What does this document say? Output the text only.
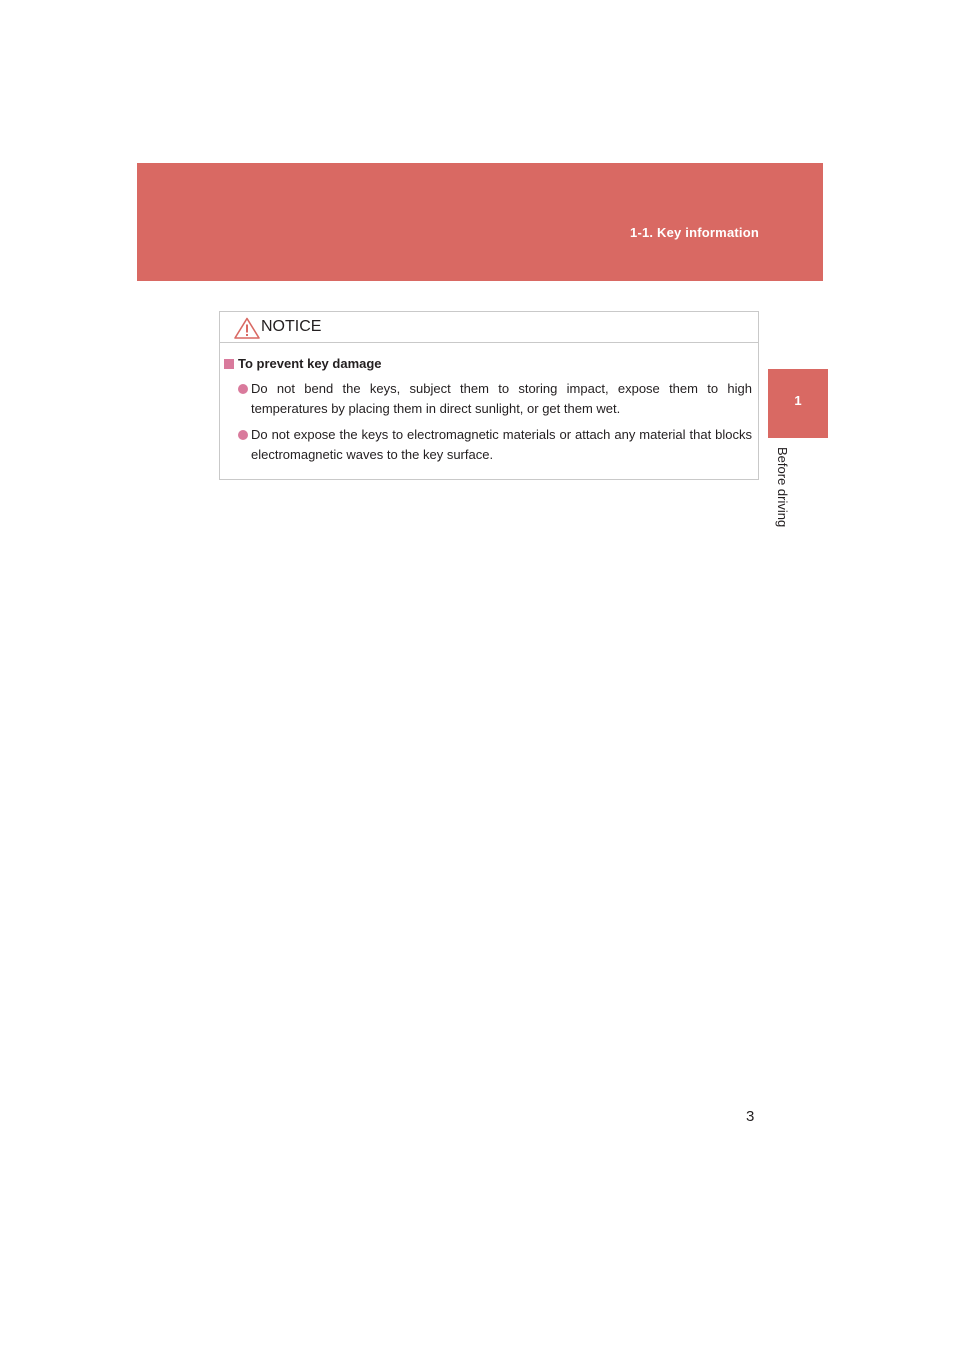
1-1. Key information
1
Before driving
NOTICE
To prevent key damage
Do not bend the keys, subject them to storing impact, expose them to high temperatures by placing them in direct sunlight, or get them wet.
Do not expose the keys to electromagnetic materials or attach any material that blocks electromagnetic waves to the key surface.
3
